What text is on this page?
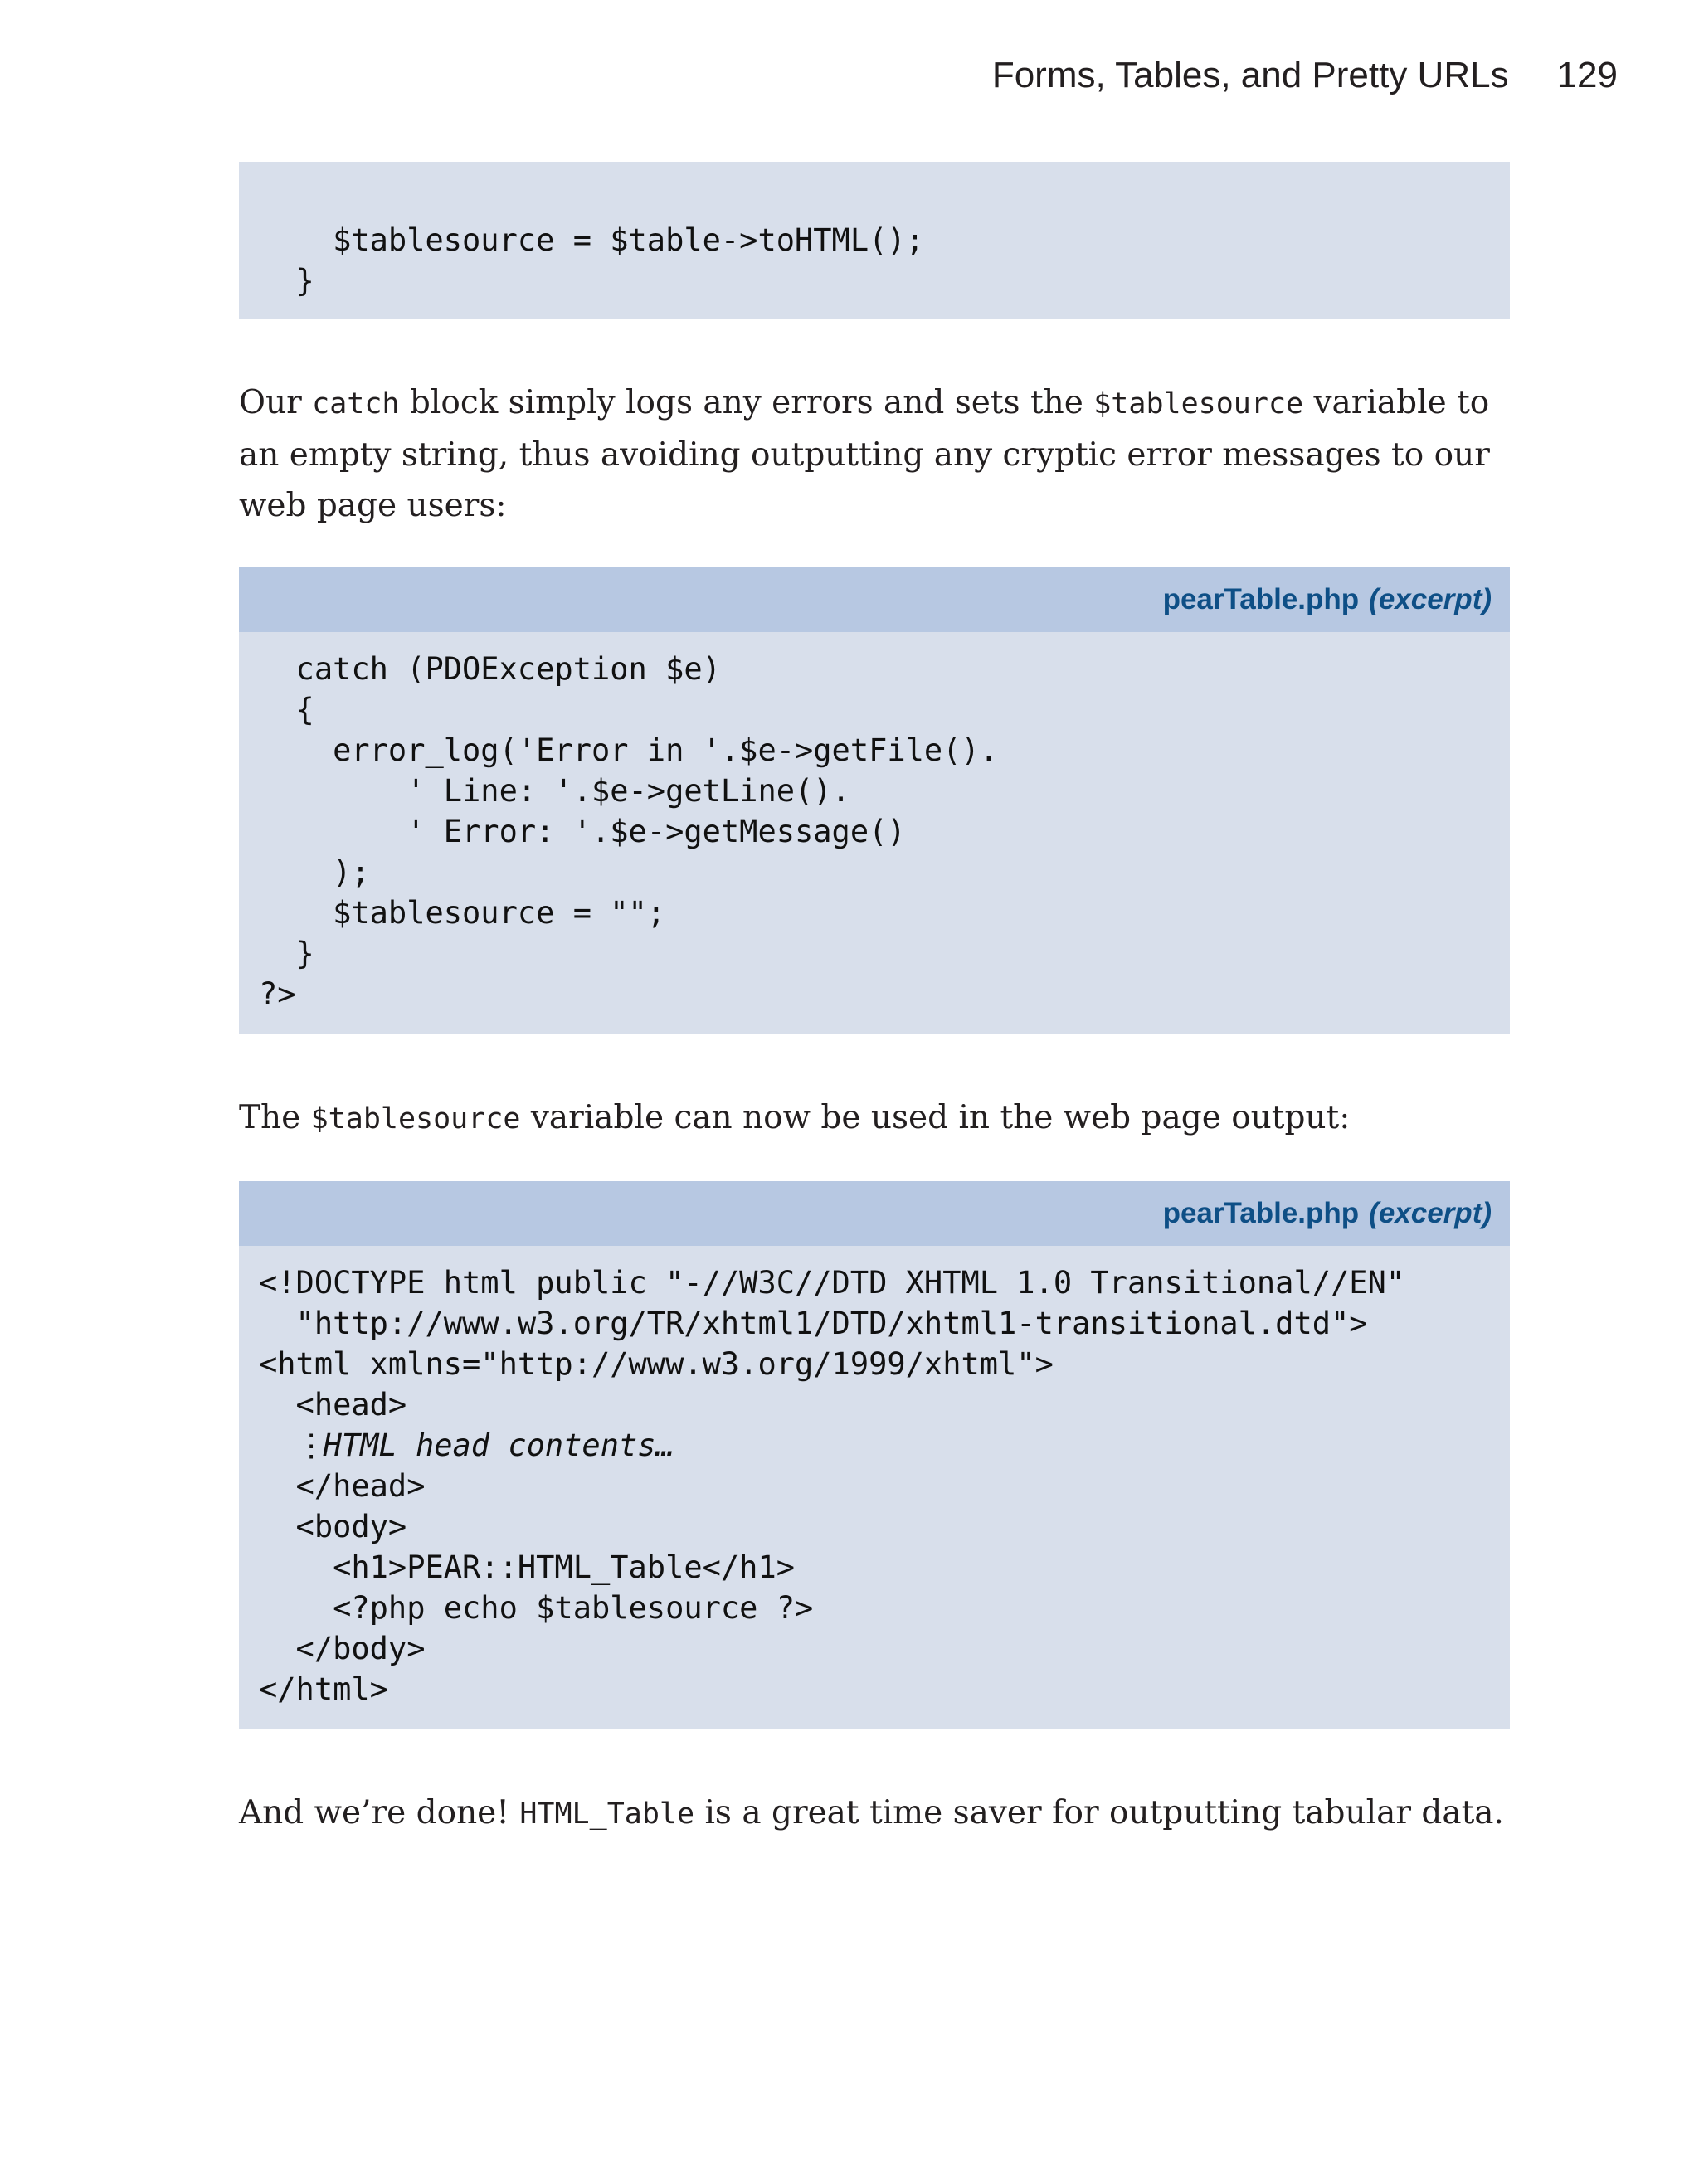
Forms, Tables, and Pretty URLs 129
$tablesource = $table->toHTML();
}

Our catch block simply logs any errors and sets the $tablesource variable to an empty string, thus avoiding outputting any cryptic error messages to our web page users:

pearTable.php (excerpt)
catch (PDOException $e)
{
error_log('Error in '.$e->getFile().
' Line: '.$e->getLine().
' Error: '.$e->getMessage()
);
$tablesource = "";
}
?>

The $tablesource variable can now be used in the web page output:

pearTable.php (excerpt)
<!DOCTYPE html public "-//W3C//DTD XHTML 1.0 Transitional//EN"
"http://www.w3.org/TR/xhtml1/DTD/xhtml1-transitional.dtd">
<html xmlns="http://www.w3.org/1999/xhtml">
<head>
⋮HTML head contents…
</head>
<body>
<h1>PEAR::HTML_Table</h1>
<?php echo $tablesource ?>
</body>
</html>

And we’re done! HTML_Table is a great time saver for outputting tabular data.
